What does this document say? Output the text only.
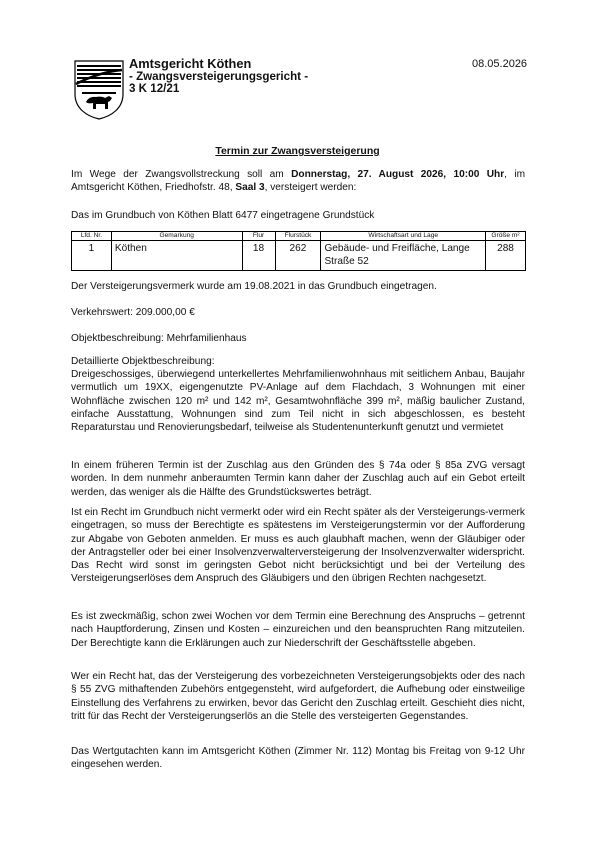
Amtsgericht Köthen
- Zwangsversteigerungsgericht -
3 K 12/21
08.05.2026
Termin zur Zwangsversteigerung

Im Wege der Zwangsvollstreckung soll am Donnerstag, 27. August 2026, 10:00 Uhr, im Amtsgericht Köthen, Friedhofstr. 48, Saal 3, versteigert werden:

Das im Grundbuch von Köthen Blatt 6477 eingetragene Grundstück

Lfd. Nr.	Gemarkung	Flur	Flurstück	Wirtschaftsart und Lage	Größe m²
1	Köthen	18	262	Gebäude- und Freifläche, Lange Straße 52	288

Der Versteigerungsvermerk wurde am 19.08.2021 in das Grundbuch eingetragen.

Verkehrswert: 209.000,00 €

Objektbeschreibung: Mehrfamilienhaus

Detaillierte Objektbeschreibung:

Dreigeschossiges, überwiegend unterkellertes Mehrfamilienwohnhaus mit seitlichem Anbau, Baujahr vermutlich um 19XX, eigengenutzte PV-Anlage auf dem Flachdach, 3 Wohnungen mit einer Wohnfläche zwischen 120 m² und 142 m², Gesamtwohnfläche 399 m², mäßig baulicher Zustand, einfache Ausstattung, Wohnungen sind zum Teil nicht in sich abgeschlossen, es besteht Reparaturstau und Renovierungsbedarf, teilweise als Studentenunterkunft genutzt und vermietet

In einem früheren Termin ist der Zuschlag aus den Gründen des § 74a oder § 85a ZVG versagt worden. In dem nunmehr anberaumten Termin kann daher der Zuschlag auch auf ein Gebot erteilt werden, das weniger als die Hälfte des Grundstückswertes beträgt.

Ist ein Recht im Grundbuch nicht vermerkt oder wird ein Recht später als der Versteigerungs-vermerk eingetragen, so muss der Berechtigte es spätestens im Versteigerungstermin vor der Aufforderung zur Abgabe von Geboten anmelden. Er muss es auch glaubhaft machen, wenn der Gläubiger oder der Antragsteller oder bei einer Insolvenzverwalterversteigerung der Insolvenzverwalter widerspricht. Das Recht wird sonst im geringsten Gebot nicht berücksichtigt und bei der Verteilung des Versteigerungserlöses dem Anspruch des Gläubigers und den übrigen Rechten nachgesetzt.

Es ist zweckmäßig, schon zwei Wochen vor dem Termin eine Berechnung des Anspruchs – getrennt nach Hauptforderung, Zinsen und Kosten – einzureichen und den beanspruchten Rang mitzuteilen. Der Berechtigte kann die Erklärungen auch zur Niederschrift der Geschäftsstelle abgeben.

Wer ein Recht hat, das der Versteigerung des vorbezeichneten Versteigerungsobjekts oder des nach § 55 ZVG mithaftenden Zubehörs entgegensteht, wird aufgefordert, die Aufhebung oder einstweilige Einstellung des Verfahrens zu erwirken, bevor das Gericht den Zuschlag erteilt. Geschieht dies nicht, tritt für das Recht der Versteigerungserlös an die Stelle des versteigerten Gegenstandes.

Das Wertgutachten kann im Amtsgericht Köthen (Zimmer Nr. 112) Montag bis Freitag von 9-12 Uhr eingesehen werden.
